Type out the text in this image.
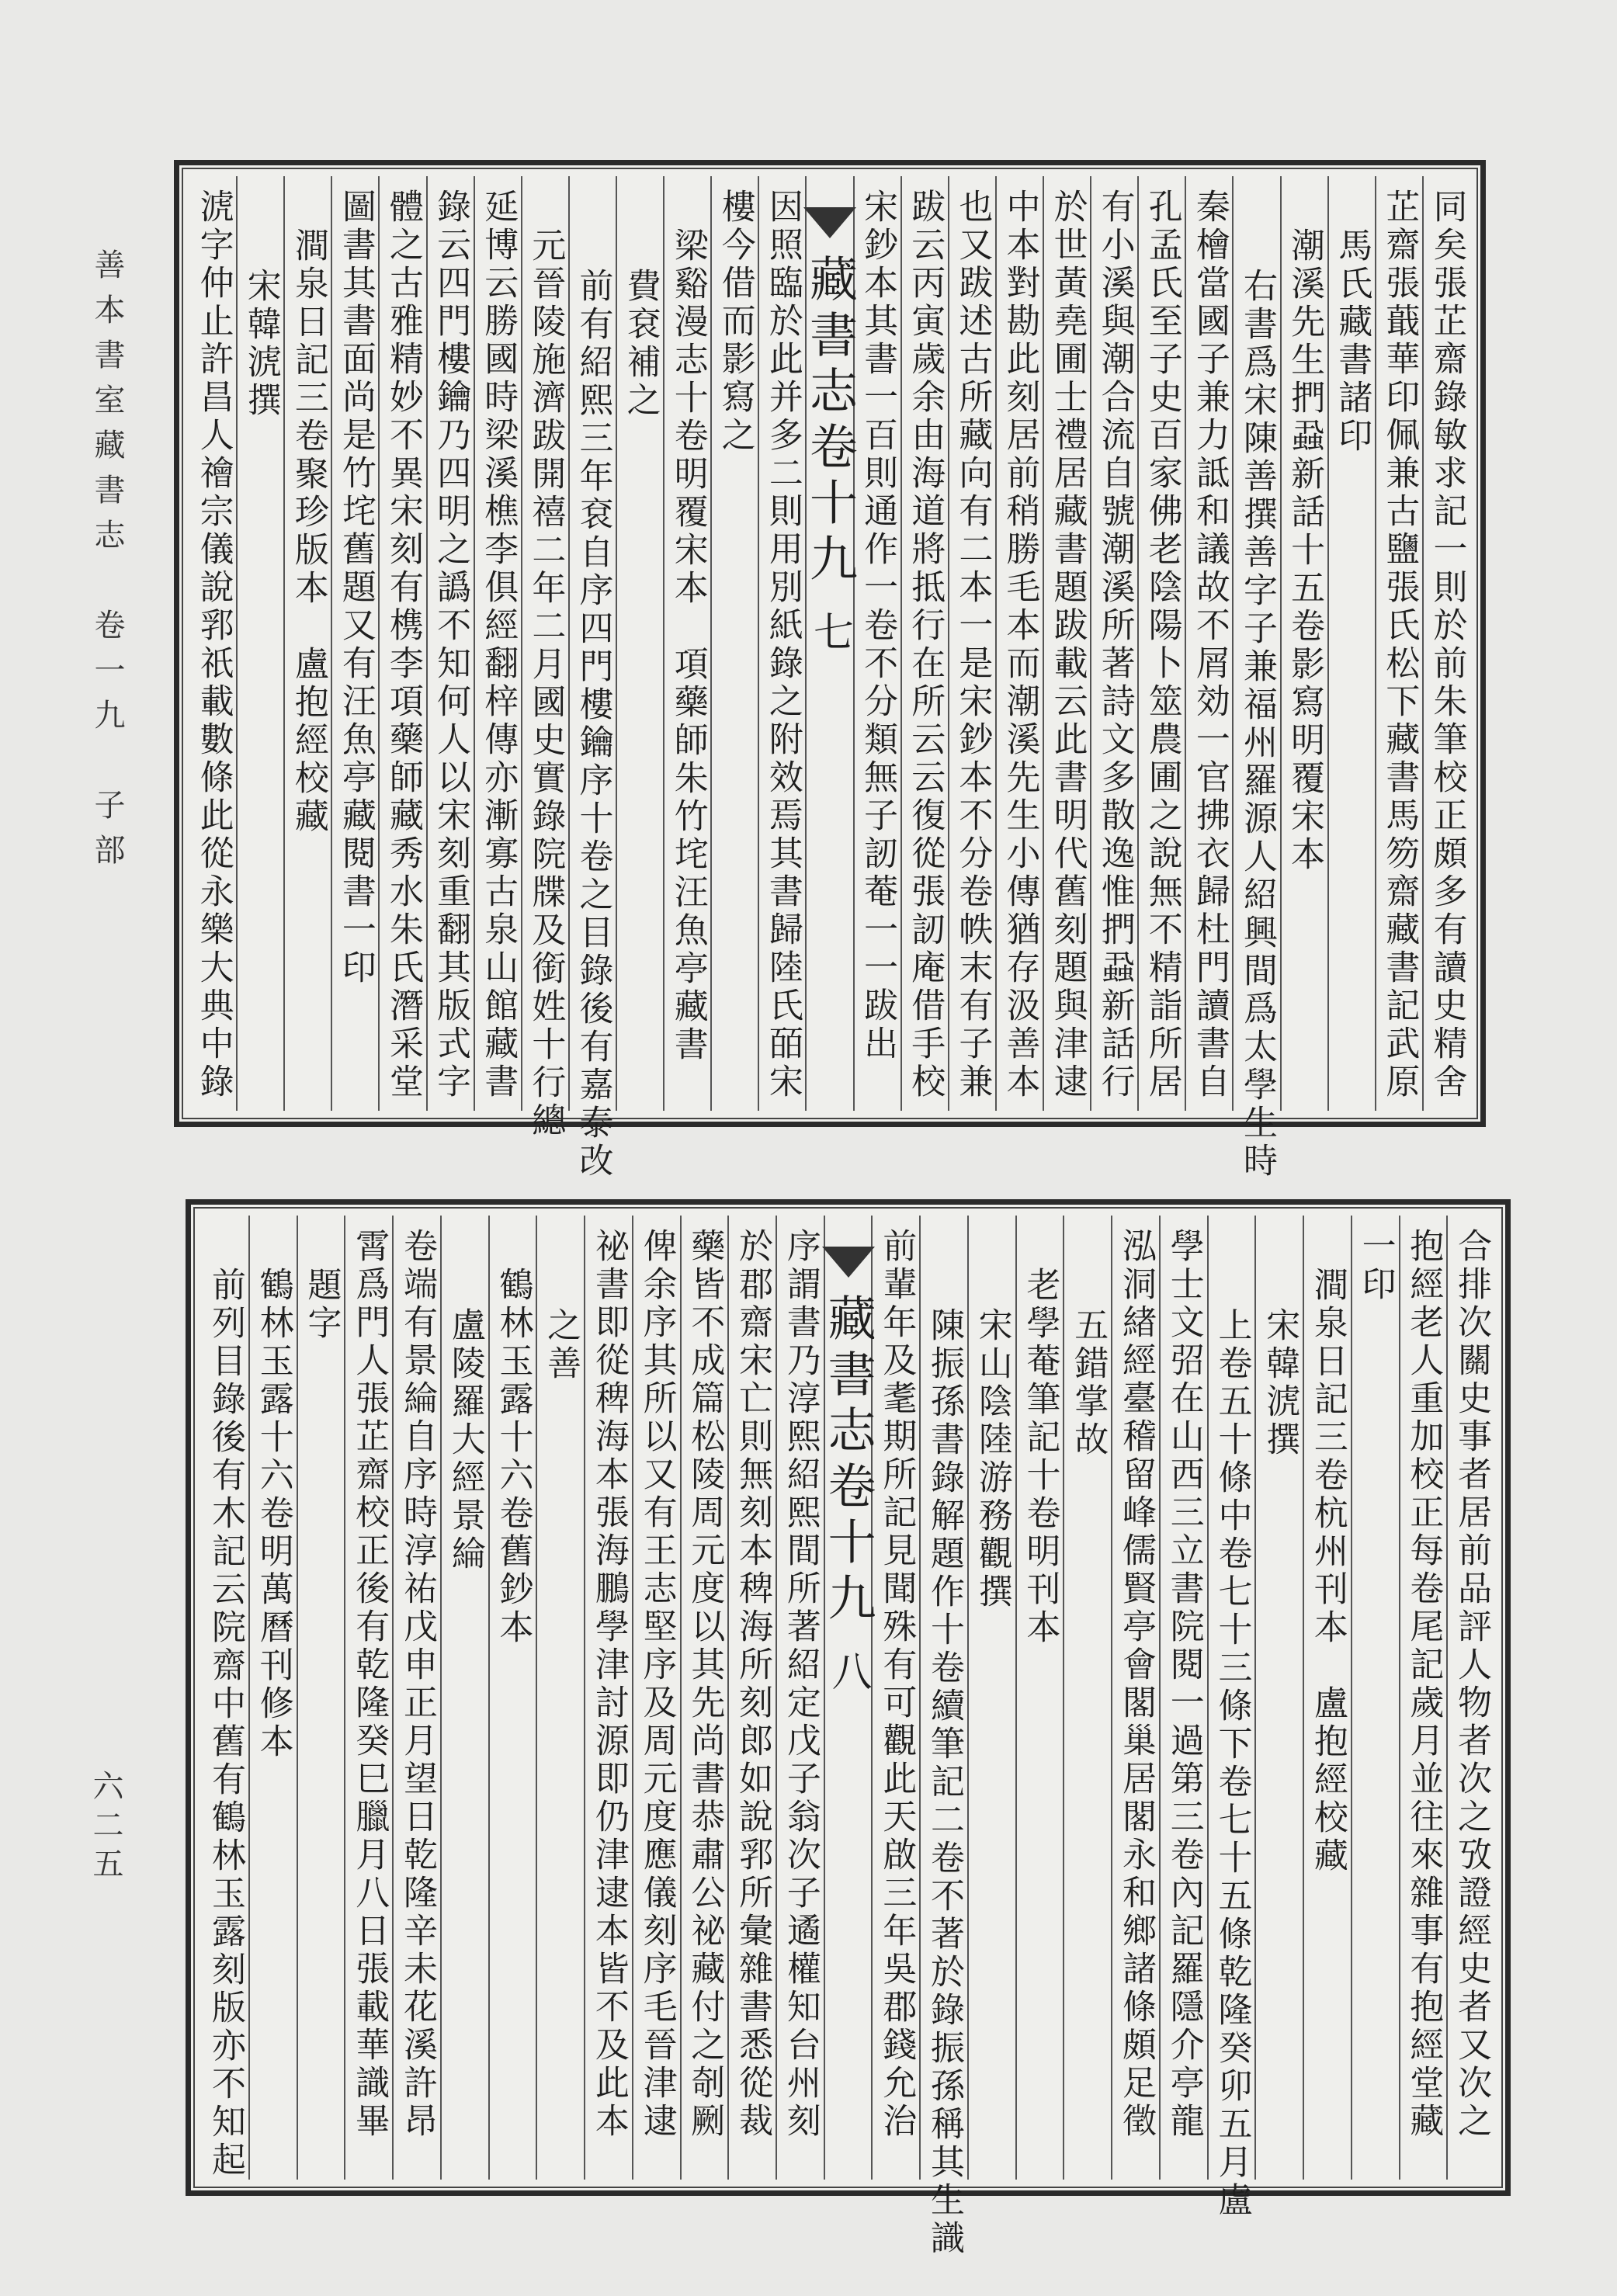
善本書室藏書志　卷一九　子部
六二五
同矣張芷齋錄敏求記一則於前朱筆校正頗多有讀史精舍
芷齋張蕺華印佩兼古鹽張氏松下藏書馬笏齋藏書記武原
馬氏藏書諸印
潮溪先生捫蝨新話十五卷影寫明覆宋本
右書爲宋陳善撰善字子兼福州羅源人紹興間爲太學生時
秦檜當國子兼力詆和議故不屑効一官拂衣歸杜門讀書自
孔孟氏至子史百家佛老陰陽卜筮農圃之說無不精詣所居
有小溪與潮合流自號潮溪所著詩文多散逸惟捫蝨新話行
於世黃堯圃士禮居藏書題跋載云此書明代舊刻題與津逮
中本對勘此刻居前稍勝毛本而潮溪先生小傳猶存汲善本
也又跋述古所藏向有二本一是宋鈔本不分卷帙末有子兼
跋云丙寅歲余由海道將抵行在所云云復從張訒庵借手校
宋鈔本其書一百則通作一卷不分類無子訒菴一一跋出
藏書志卷十九
七
因照臨於此并多二則用別紙錄之附效焉其書歸陸氏皕宋
樓今借而影寫之
梁谿漫志十卷明覆宋本　項藥師朱竹垞汪魚亭藏書
費袞補之
前有紹熙三年袞自序四門樓鑰序十卷之目錄後有嘉泰改
元晉陵施濟跋開禧二年二月國史實錄院牒及銜姓十行總
延博云勝國時梁溪樵李俱經翻梓傳亦漸寡古泉山館藏書
錄云四門樓鑰乃四明之譌不知何人以宋刻重翻其版式字
體之古雅精妙不異宋刻有槜李項藥師藏秀水朱氏潛采堂
圖書其書面尚是竹垞舊題又有汪魚亭藏閱書一印
澗泉日記三卷聚珍版本　盧抱經校藏
宋韓淲撰
淲字仲止許昌人禬宗儀說郛祇載數條此從永樂大典中錄
合排次關史事者居前品評人物者次之攷證經史者又次之
抱經老人重加校正每卷尾記歲月並往來雜事有抱經堂藏
一印
澗泉日記三卷杭州刊本　盧抱經校藏
宋韓淲撰
上卷五十條中卷七十三條下卷七十五條乾隆癸卯五月盧
學士文弨在山西三立書院閱一過第三卷內記羅隱介亭龍
泓洞緖經臺稽留峰儒賢亭會閣巢居閣永和鄉諸條頗足徵
五錯掌故
老學菴筆記十卷明刊本
宋山陰陸游務觀撰
陳振孫書錄解題作十卷續筆記二卷不著於錄振孫稱其生識
前輩年及耄期所記見聞殊有可觀此天啟三年吳郡錢允治
藏書志卷十九
八
序謂書乃淳熙紹熙間所著紹定戊子翁次子遹權知台州刻
於郡齋宋亡則無刻本稗海所刻郎如說郛所彙雜書悉從裁
藥皆不成篇松陵周元度以其先尚書恭肅公祕藏付之剞劂
俾余序其所以又有王志堅序及周元度應儀刻序毛晉津逮
祕書即從稗海本張海鵬學津討源即仍津逮本皆不及此本
之善
鶴林玉露十六卷舊鈔本
盧陵羅大經景綸
卷端有景綸自序時淳祐戊申正月望日乾隆辛未花溪許昂
霄爲門人張芷齋校正後有乾隆癸巳臘月八日張載華識畢
題字
鶴林玉露十六卷明萬曆刊修本
前列目錄後有木記云院齋中舊有鶴林玉露刻版亦不知起
